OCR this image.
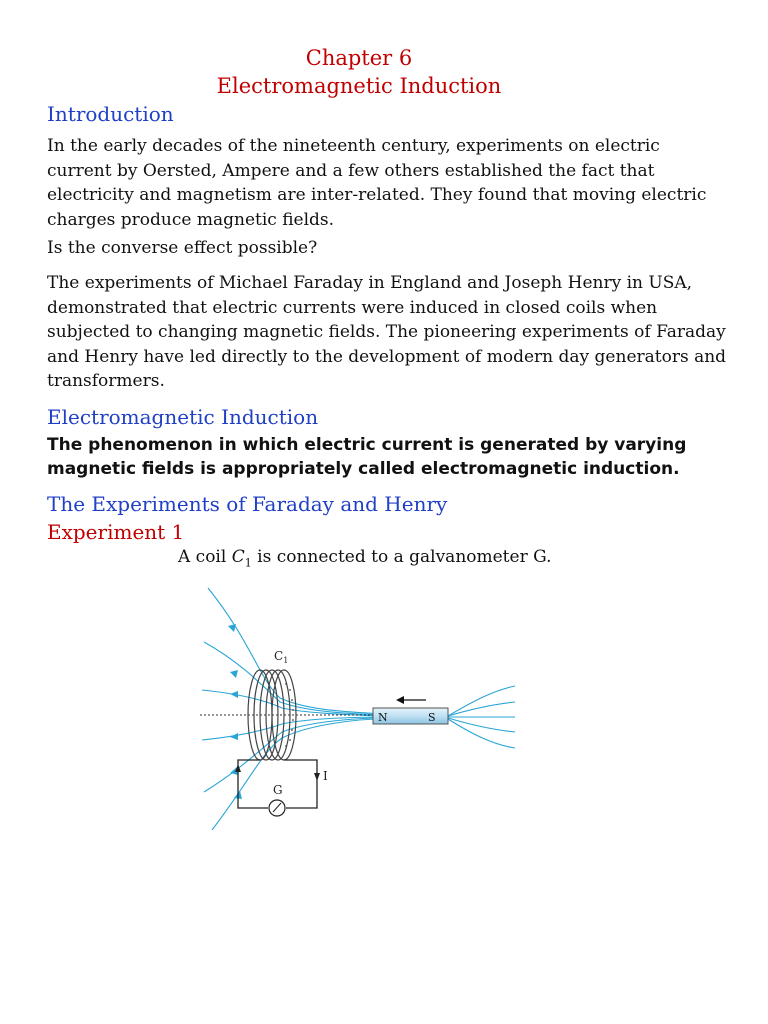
Chapter 6
Electromagnetic Induction
Introduction

In the early decades of the nineteenth century, experiments on electric current by Oersted, Ampere and a few others established the fact that electricity and magnetism are inter-related. They found that moving electric charges produce magnetic fields.

Is the converse effect possible?

The experiments of Michael Faraday in England and Joseph Henry in USA, demonstrated that electric currents were induced in closed coils when subjected to changing magnetic fields. The pioneering experiments of Faraday and Henry have led directly to the development of modern day generators and transformers.

Electromagnetic Induction

The phenomenon in which electric current is generated by varying magnetic fields is appropriately called electromagnetic induction.

The Experiments of Faraday and Henry
Experiment 1

A coil $C_1$ is connected to a galvanometer G.

$C_1$
I
G
N	S
